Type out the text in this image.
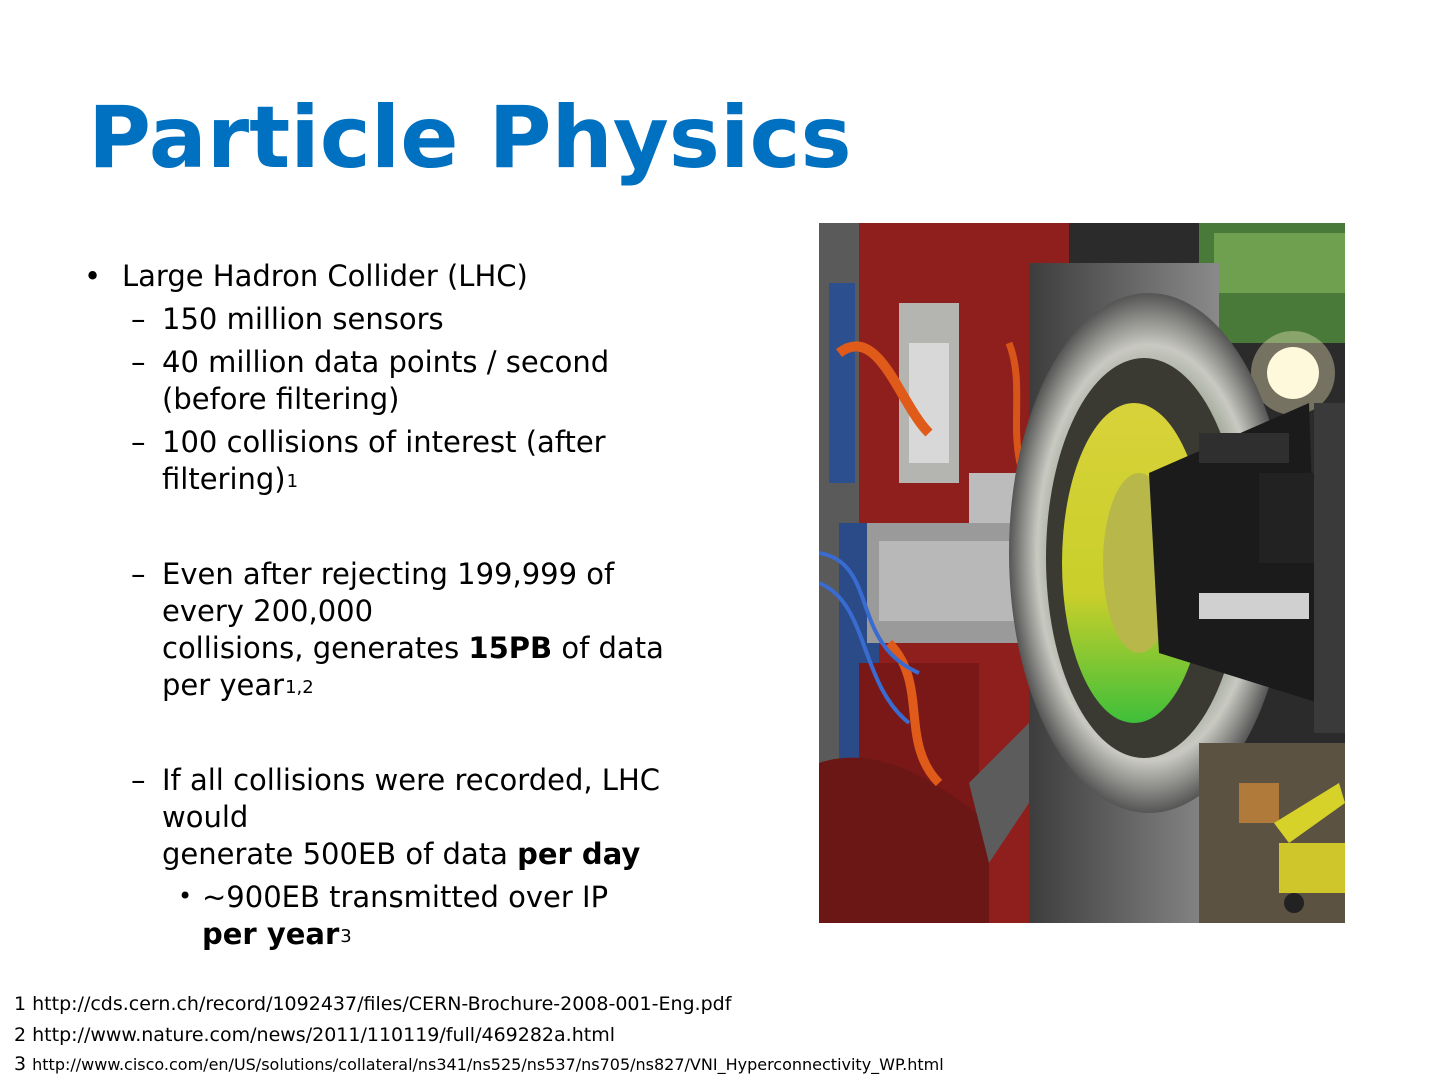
Particle Physics
• Large Hadron Collider (LHC)
– 150 million sensors
– 40 million data points / second
(before filtering)
– 100 collisions of interest (after
filtering)$^1$
– Even after rejecting 199,999 of
every 200,000
collisions, generates 15PB of data
per year$^{1,2}$
– If all collisions were recorded, LHC
would
generate 500EB of data per day
• ~900EB transmitted over IP
per year$^3$
1 http://cds.cern.ch/record/1092437/files/CERN-Brochure-2008-001-Eng.pdf
2 http://www.nature.com/news/2011/110119/full/469282a.html
3 http://www.cisco.com/en/US/solutions/collateral/ns341/ns525/ns537/ns705/ns827/VNI_Hyperconnectivity_WP.html
